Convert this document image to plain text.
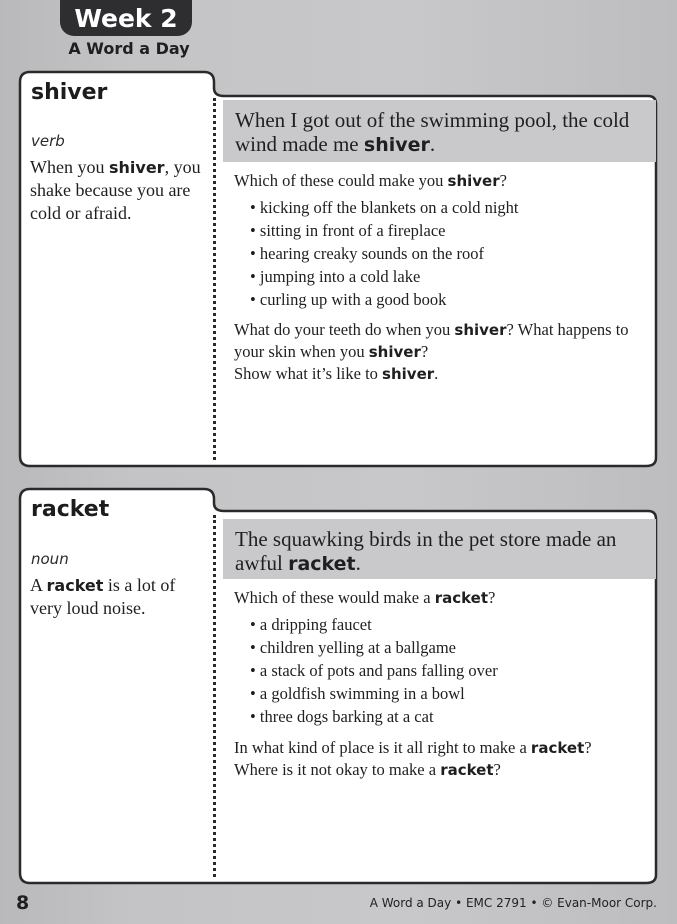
Week 2
A Word a Day
shiver
verb
When you shiver, you shake because you are cold or afraid.
When I got out of the swimming pool, the cold wind made me shiver.
Which of these could make you shiver?
• kicking off the blankets on a cold night
• sitting in front of a fireplace
• hearing creaky sounds on the roof
• jumping into a cold lake
• curling up with a good book
What do your teeth do when you shiver? What happens to your skin when you shiver?
Show what it’s like to shiver.
racket
noun
A racket is a lot of very loud noise.
The squawking birds in the pet store made an awful racket.
Which of these would make a racket?
• a dripping faucet
• children yelling at a ballgame
• a stack of pots and pans falling over
• a goldfish swimming in a bowl
• three dogs barking at a cat
In what kind of place is it all right to make a racket?
Where is it not okay to make a racket?
8	A Word a Day • EMC 2791 • © Evan-Moor Corp.
